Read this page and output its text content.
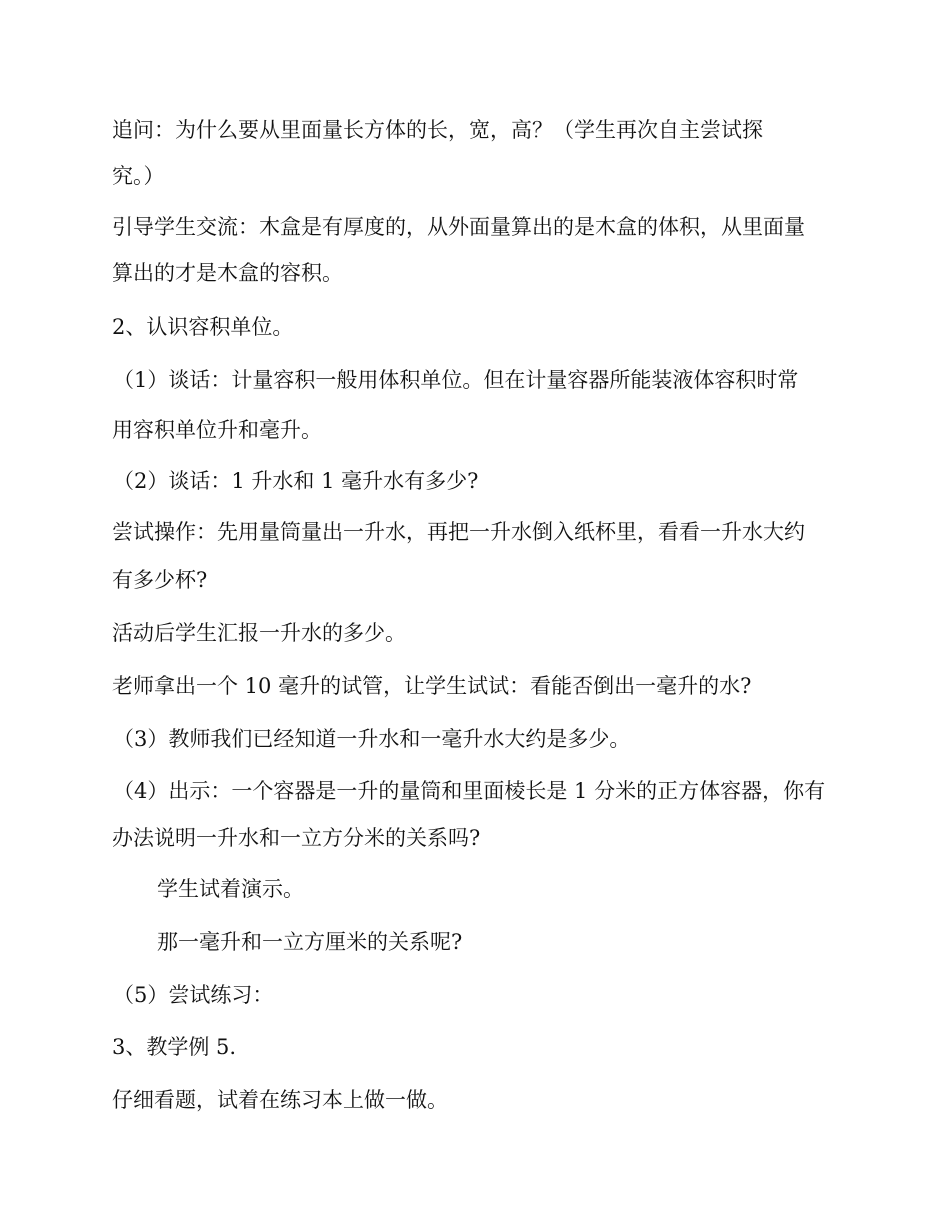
追问：为什么要从里面量长方体的长，宽，高？（学生再次自主尝试探
究。）
引导学生交流：木盒是有厚度的，从外面量算出的是木盒的体积，从里面量
算出的才是木盒的容积。
2、认识容积单位。
（1）谈话：计量容积一般用体积单位。但在计量容器所能装液体容积时常
用容积单位升和毫升。
（2）谈话：1 升水和 1 毫升水有多少?
尝试操作：先用量筒量出一升水，再把一升水倒入纸杯里，看看一升水大约
有多少杯?
活动后学生汇报一升水的多少。
老师拿出一个 10 毫升的试管，让学生试试：看能否倒出一毫升的水?
（3）教师我们已经知道一升水和一毫升水大约是多少。
（4）出示：一个容器是一升的量筒和里面棱长是 1 分米的正方体容器，你有
办法说明一升水和一立方分米的关系吗?
学生试着演示。
那一毫升和一立方厘米的关系呢?
（5）尝试练习：
3、教学例 5.
仔细看题，试着在练习本上做一做。
